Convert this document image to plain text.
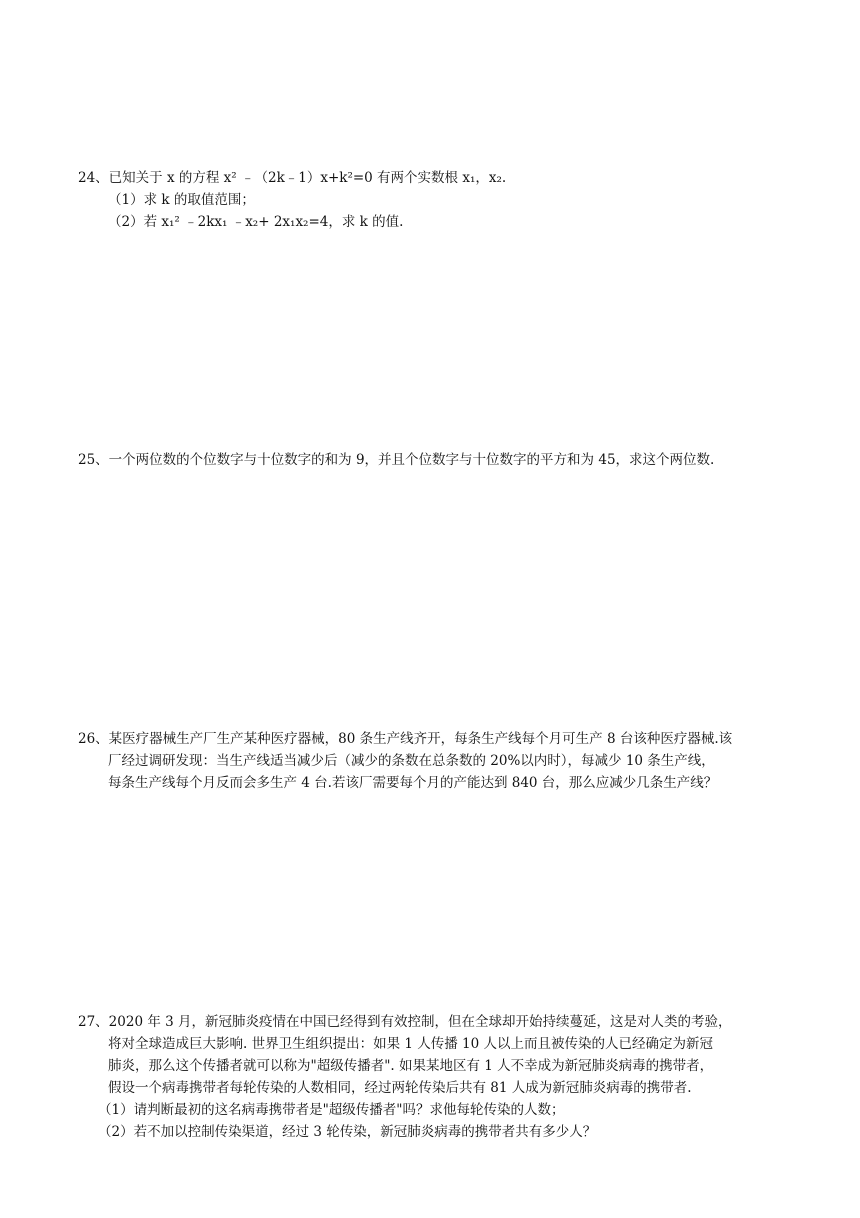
24、已知关于 x 的方程 x² ﹣（2k﹣1）x+k²=0 有两个实数根 x₁，x₂.
（1）求 k 的取值范围；
（2）若 x₁² ﹣2kx₁ ﹣x₂+ 2x₁x₂=4，求 k 的值.
25、一个两位数的个位数字与十位数字的和为 9，并且个位数字与十位数字的平方和为 45，求这个两位数.
26、某医疗器械生产厂生产某种医疗器械，80 条生产线齐开，每条生产线每个月可生产 8 台该种医疗器械.该
厂经过调研发现：当生产线适当减少后（减少的条数在总条数的 20%以内时），每减少 10 条生产线，
每条生产线每个月反而会多生产 4 台.若该厂需要每个月的产能达到 840 台，那么应减少几条生产线？
27、2020 年 3 月，新冠肺炎疫情在中国已经得到有效控制，但在全球却开始持续蔓延，这是对人类的考验，
将对全球造成巨大影响. 世界卫生组织提出：如果 1 人传播 10 人以上而且被传染的人已经确定为新冠
肺炎，那么这个传播者就可以称为"超级传播者". 如果某地区有 1 人不幸成为新冠肺炎病毒的携带者，
假设一个病毒携带者每轮传染的人数相同，经过两轮传染后共有 81 人成为新冠肺炎病毒的携带者.
（1）请判断最初的这名病毒携带者是"超级传播者"吗？求他每轮传染的人数；
（2）若不加以控制传染渠道，经过 3 轮传染，新冠肺炎病毒的携带者共有多少人？
